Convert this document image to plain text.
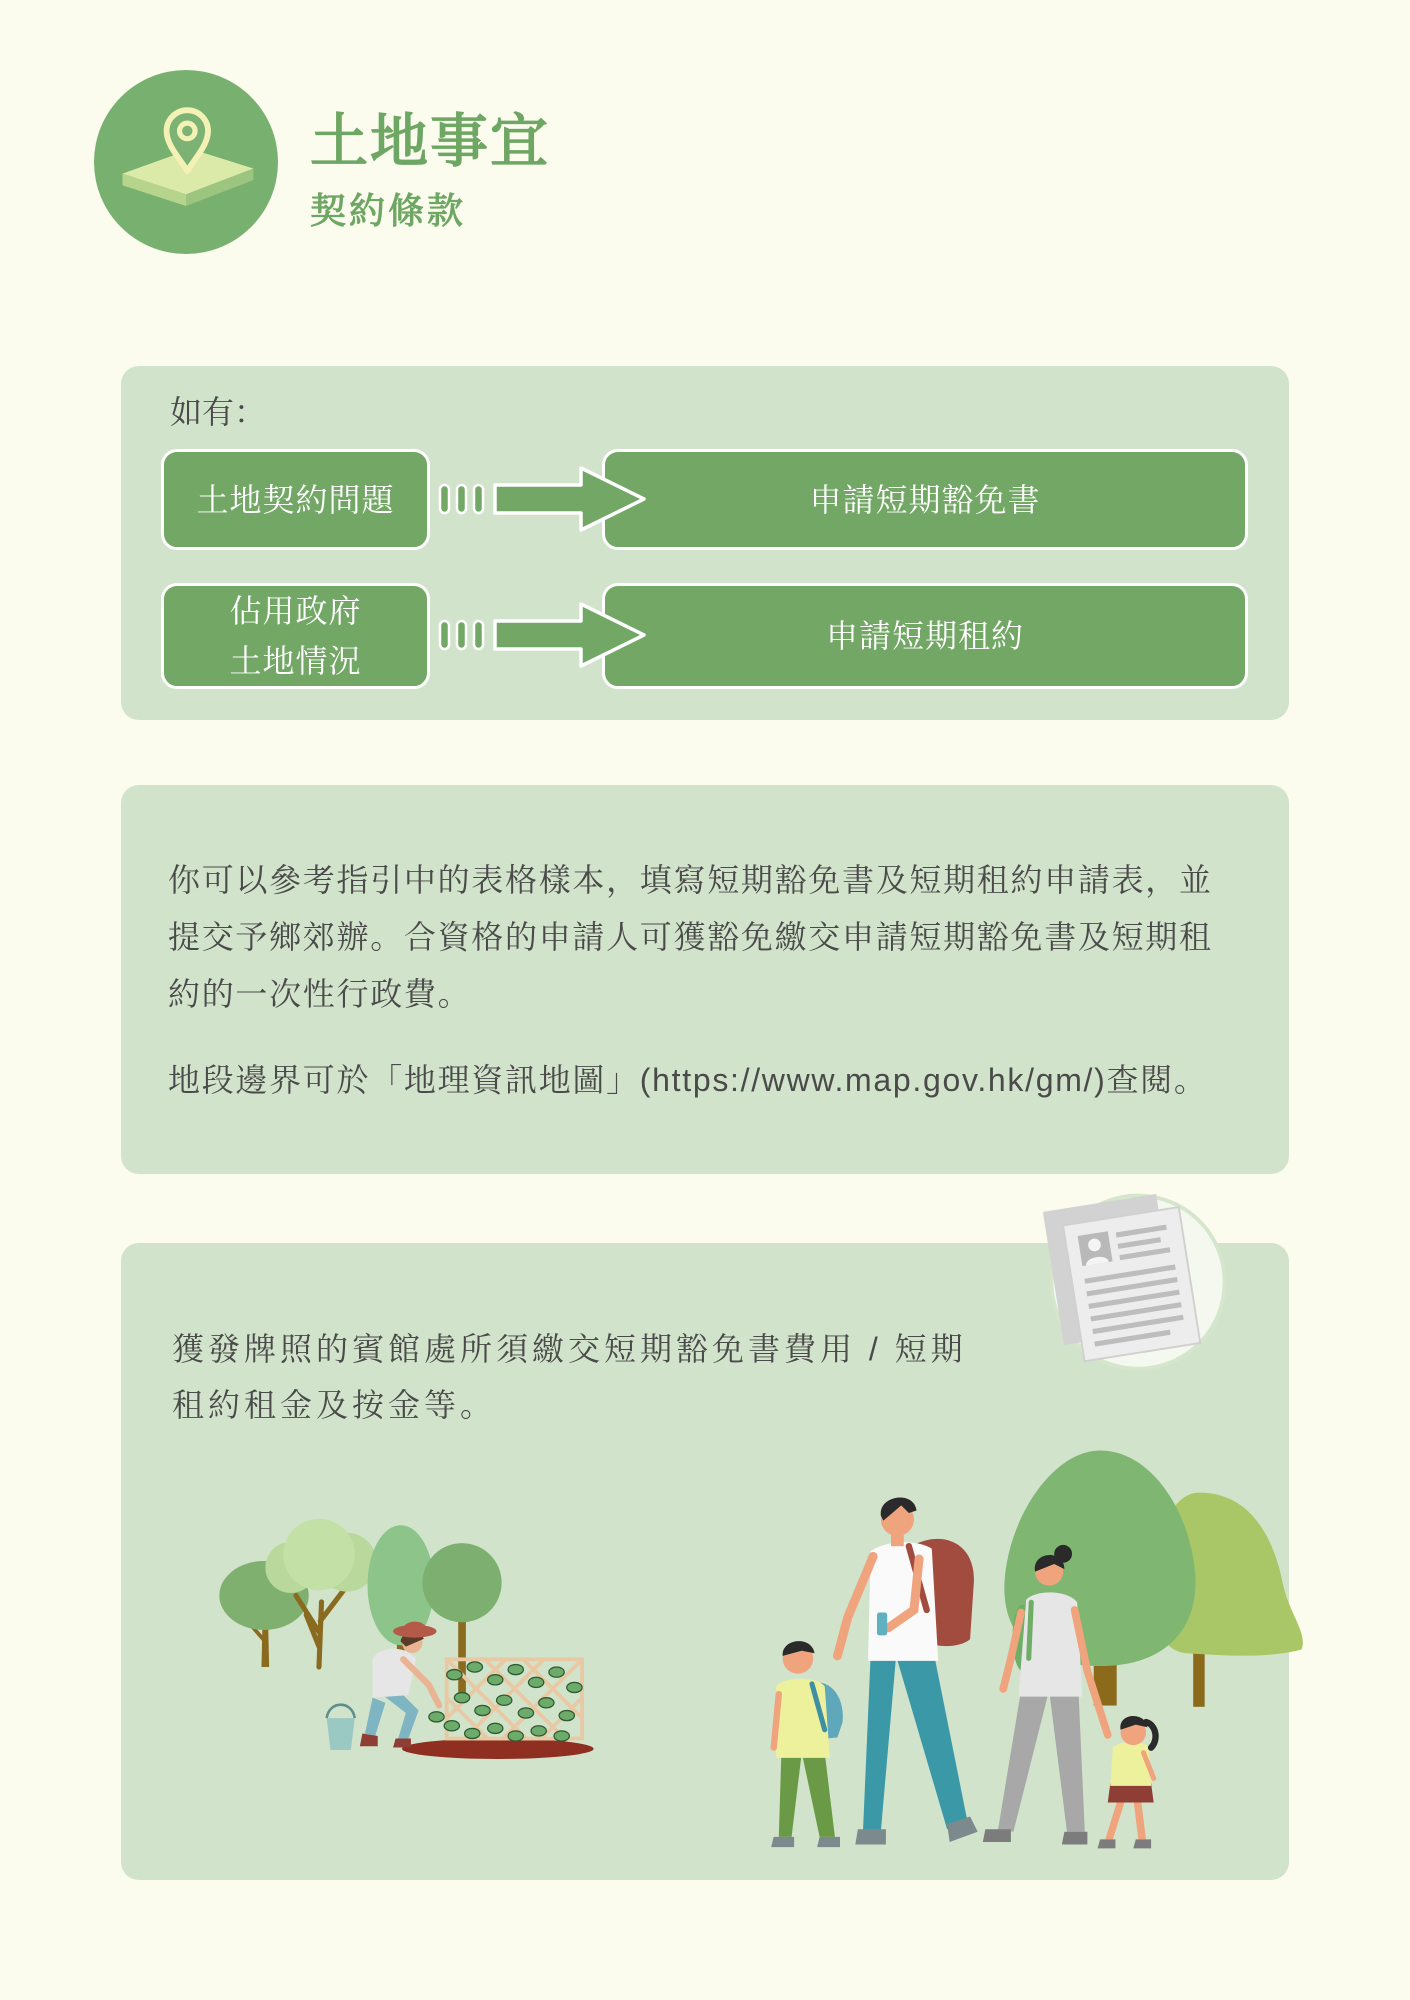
土地事宜
契約條款
如有：
土地契約問題	申請短期豁免書
佔用政府
土地情況
申請短期租約
你可以參考指引中的表格樣本，填寫短期豁免書及短期租約申請表，並
提交予鄉郊辦。合資格的申請人可獲豁免繳交申請短期豁免書及短期租
約的一次性行政費。
地段邊界可於「地理資訊地圖」(https://www.map.gov.hk/gm/)查閱。
獲發牌照的賓館處所須繳交短期豁免書費用 / 短期
租約租金及按金等。
